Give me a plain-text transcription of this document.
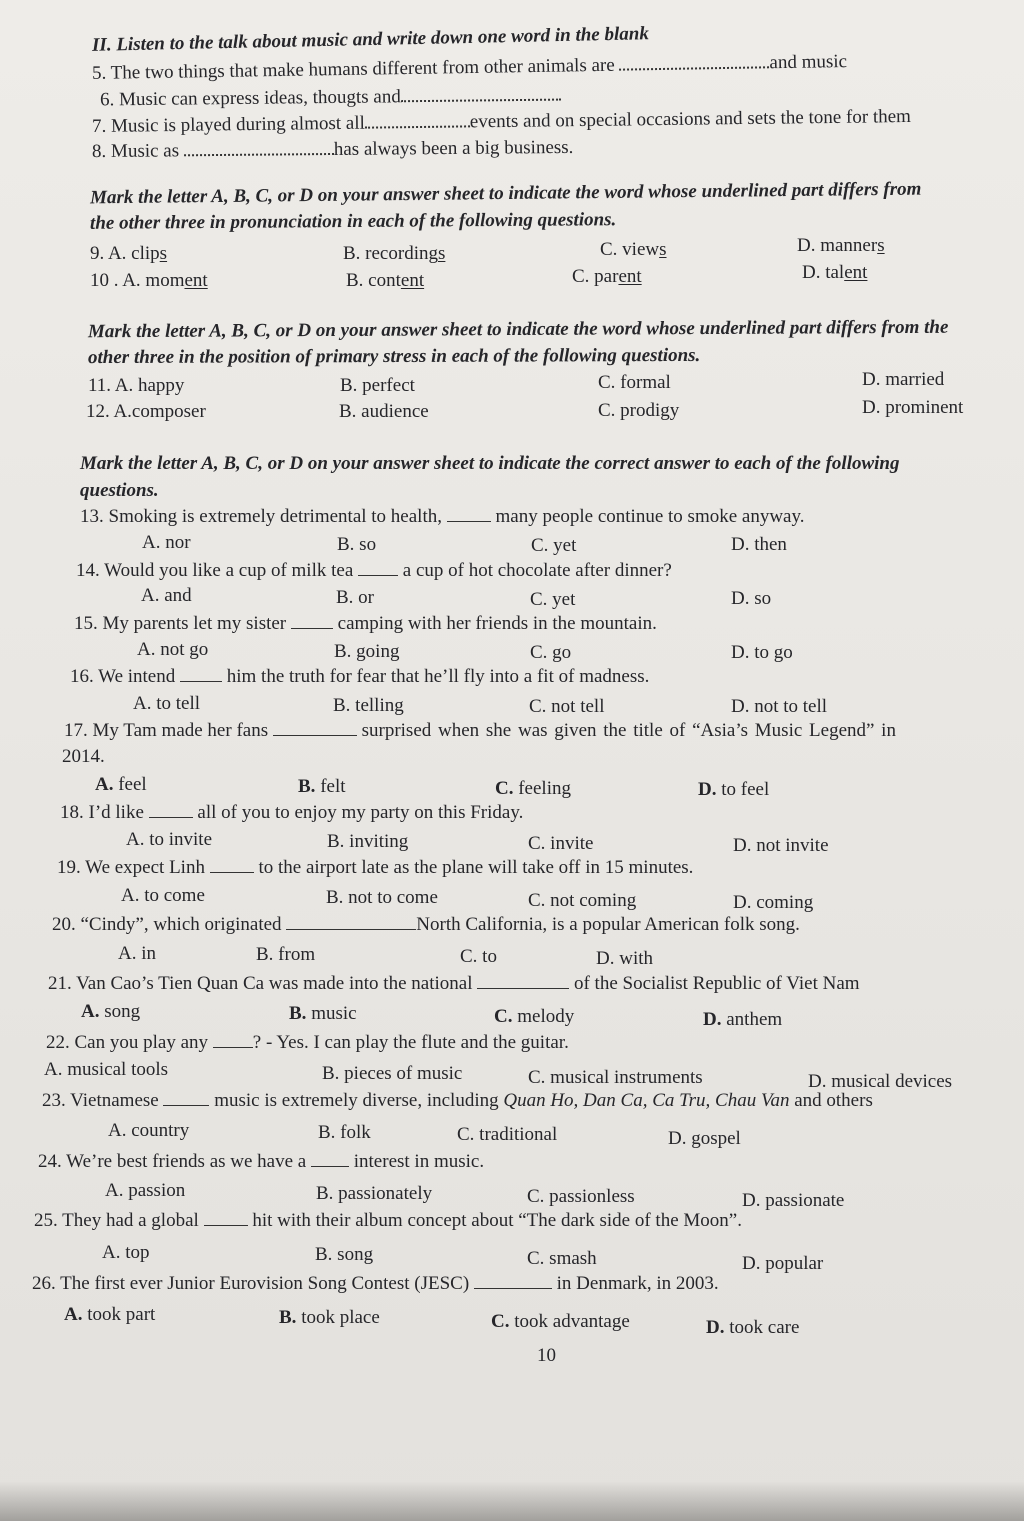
II. Listen to the talk about music and write down one word in the blank
5. The two things that make humans different from other animals are	and music
6. Music can express ideas, thougts and
7. Music is played during almost all	events and on special occasions and sets the tone for them
8. Music as	has always been a big business.
Mark the letter A, B, C, or D on your answer sheet to indicate the word whose underlined part differs from
the other three in pronunciation in each of the following questions.
9. A. clips	B. recordings	C. views	D. manners
10 . A. moment	B. content	C. parent	D. talent
Mark the letter A, B, C, or D on your answer sheet to indicate the word whose underlined part differs from the
other three in the position of primary stress in each of the following questions.
11. A. happy	B. perfect	C. formal	D. married
12. A.composer	B. audience	C. prodigy	D. prominent
Mark the letter A, B, C, or D on your answer sheet to indicate the correct answer to each of the following
questions.
13. Smoking is extremely detrimental to health,	many people continue to smoke anyway.
A. nor	B. so	C. yet	D. then
14. Would you like a cup of milk tea	a cup of hot chocolate after dinner?
A. and	B. or	C. yet	D. so
15. My parents let my sister	camping with her friends in the mountain.
A. not go	B. going	C. go	D. to go
16. We intend	him the truth for fear that he’ll fly into a fit of madness.
A. to tell	B. telling	C. not tell	D. not to tell
17. My Tam made her fans	surprised when she was given the title of “Asia’s Music Legend” in
2014.
A. feel	B. felt	C. feeling	D. to feel
18. I’d like	all of you to enjoy my party on this Friday.
A. to invite	B. inviting	C. invite	D. not invite
19. We expect Linh	to the airport late as the plane will take off in 15 minutes.
A. to come	B. not to come	C. not coming	D. coming
20. “Cindy”, which originated	North California, is a popular American folk song.
A. in	B. from	C. to	D. with
21. Van Cao’s Tien Quan Ca was made into the national	of the Socialist Republic of Viet Nam
A. song	B. music	C. melody	D. anthem
22. Can you play any ? - Yes. I can play the flute and the guitar.
A. musical tools	B. pieces of music	C. musical instruments	D. musical devices
23. Vietnamese	music is extremely diverse, including Quan Ho, Dan Ca, Ca Tru, Chau Van and others
A. country	B. folk	C. traditional	D. gospel
24. We’re best friends as we have a	interest in music.
A. passion	B. passionately	C. passionless	D. passionate
25. They had a global	hit with their album concept about “The dark side of the Moon”.
A. top	B. song	C. smash	D. popular
26. The first ever Junior Eurovision Song Contest (JESC)	in Denmark, in 2003.
A. took part	B. took place	C. took advantage	D. took care
10
